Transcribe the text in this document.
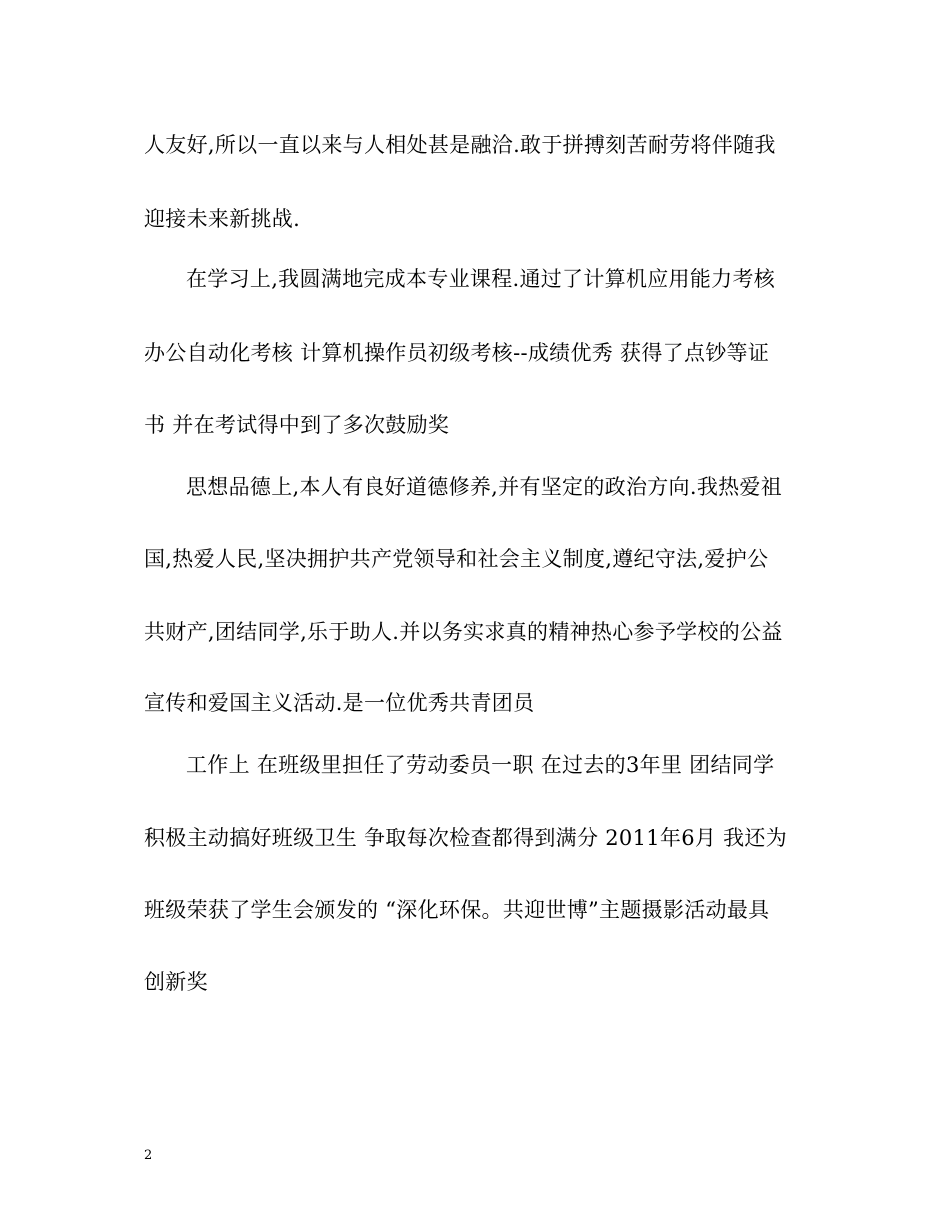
人友好,所以一直以来与人相处甚是融洽.敢于拼搏刻苦耐劳将伴随我
迎接未来新挑战.
在学习上,我圆满地完成本专业课程.通过了计算机应用能力考核
办公自动化考核 计算机操作员初级考核--成绩优秀 获得了点钞等证
书 并在考试得中到了多次鼓励奖
思想品德上,本人有良好道德修养,并有坚定的政治方向.我热爱祖
国,热爱人民,坚决拥护共产党领导和社会主义制度,遵纪守法,爱护公
共财产,团结同学,乐于助人.并以务实求真的精神热心参予学校的公益
宣传和爱国主义活动.是一位优秀共青团员
工作上 在班级里担任了劳动委员一职 在过去的3年里 团结同学
积极主动搞好班级卫生 争取每次检查都得到满分 2011年6月 我还为
班级荣获了学生会颁发的 “深化环保。共迎世博”主题摄影活动最具
创新奖
2
